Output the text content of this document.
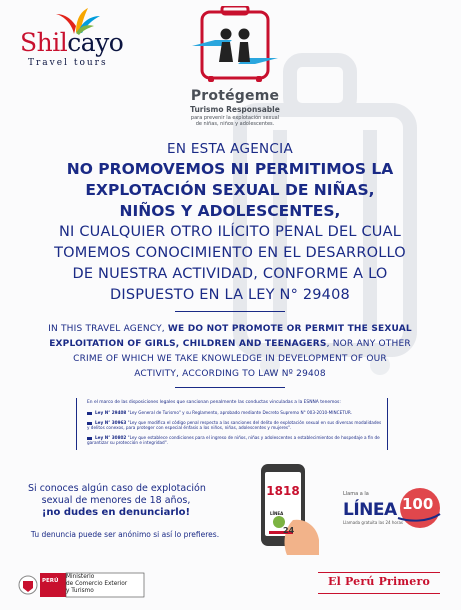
Shilcayo
Travel tours
Protégeme
Turismo Responsable
para prevenir la explotación sexual
de niñas, niños y adolescentes.
EN ESTA AGENCIA
NO PROMOVEMOS NI PERMITIMOS LA
EXPLOTACIÓN SEXUAL DE NIÑAS,
NIÑOS Y ADOLESCENTES,
NI CUALQUIER OTRO ILÍCITO PENAL DEL CUAL
TOMEMOS CONOCIMIENTO EN EL DESARROLLO
DE NUESTRA ACTIVIDAD, CONFORME A LO
DISPUESTO EN LA LEY N° 29408
IN THIS TRAVEL AGENCY, WE DO NOT PROMOTE OR PERMIT THE SEXUAL
EXPLOITATION OF GIRLS, CHILDREN AND TEENAGERS, NOR ANY OTHER
CRIME OF WHICH WE TAKE KNOWLEDGE IN DEVELOPMENT OF OUR
ACTIVITY, ACCORDING TO LAW Nº 29408
En el marco de las disposiciones legales que sancionan penalmente las conductas vinculadas a la ESNNA tenemos:
Ley N° 29408 "Ley General de Turismo" y su Reglamento, aprobado mediante Decreto Supremo N° 003-2010-MINCETUR.
Ley N° 30963 "Ley que modifica el código penal respecto a las sanciones del delito de explotación sexual en sus diversas modalidades y delitos conexos, para proteger con especial énfasis a los niños, niñas, adolescentes y mujeres".
Ley N° 30802 "Ley que establece condiciones para el ingreso de niños, niñas y adolescentes a establecimientos de hospedaje a fin de garantizar su protección e integridad".
Si conoces algún caso de explotación
sexual de menores de 18 años,
¡no dudes en denunciarlo!
Tu denuncia puede ser anónimo si así lo prefieres.
1818
LÍNEA
24
Llama a la
LÍNEA 100
Llamada gratuita las 24 horas
PERÚ
Ministerio
de Comercio Exterior
y Turismo
El Perú Primero
